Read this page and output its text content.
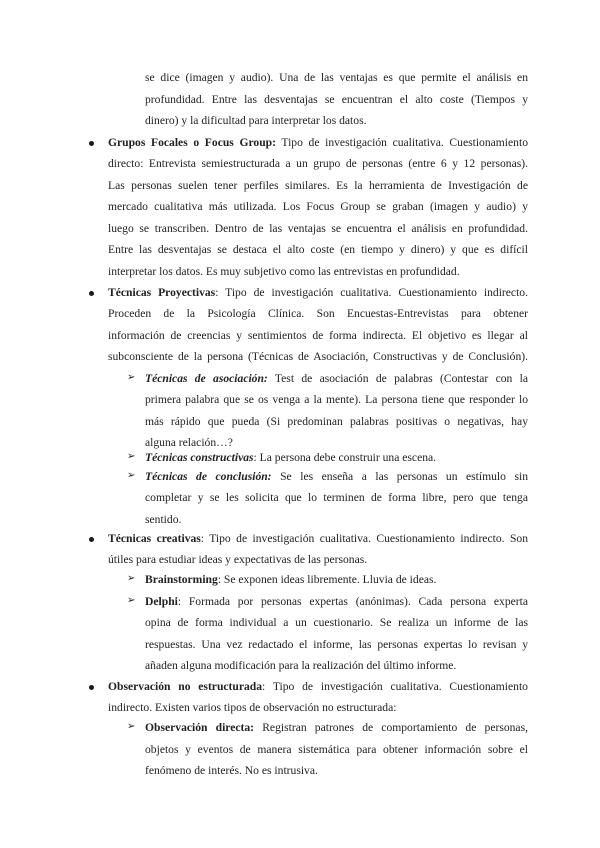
se dice (imagen y audio). Una de las ventajas es que permite el análisis en
profundidad. Entre las desventajas se encuentran el alto coste (Tiempos y
dinero) y la dificultad para interpretar los datos.
Grupos Focales o Focus Group: Tipo de investigación cualitativa. Cuestionamiento
directo: Entrevista semiestructurada a un grupo de personas (entre 6 y 12 personas).
Las personas suelen tener perfiles similares. Es la herramienta de Investigación de
mercado cualitativa más utilizada. Los Focus Group se graban (imagen y audio) y
luego se transcriben. Dentro de las ventajas se encuentra el análisis en profundidad.
Entre las desventajas se destaca el alto coste (en tiempo y dinero) y que es difícil
interpretar los datos. Es muy subjetivo como las entrevistas en profundidad.
Técnicas Proyectivas: Tipo de investigación cualitativa. Cuestionamiento indirecto.
Proceden de la Psicología Clínica. Son Encuestas-Entrevistas para obtener
información de creencias y sentimientos de forma indirecta. El objetivo es llegar al
subconsciente de la persona (Técnicas de Asociación, Constructivas y de Conclusión).
➢ Técnicas de asociación: Test de asociación de palabras (Contestar con la
primera palabra que se os venga a la mente). La persona tiene que responder lo
más rápido que pueda (Si predominan palabras positivas o negativas, hay
alguna relación…?
➢ Técnicas constructivas: La persona debe construir una escena.
➢ Técnicas de conclusión: Se les enseña a las personas un estímulo sin
completar y se les solicita que lo terminen de forma libre, pero que tenga
sentido.
Técnicas creativas: Tipo de investigación cualitativa. Cuestionamiento indirecto. Son
útiles para estudiar ideas y expectativas de las personas.
➢ Brainstorming: Se exponen ideas libremente. Lluvia de ideas.
➢ Delphi: Formada por personas expertas (anónimas). Cada persona experta
opina de forma individual a un cuestionario. Se realiza un informe de las
respuestas. Una vez redactado el informe, las personas expertas lo revisan y
añaden alguna modificación para la realización del último informe.
Observación no estructurada: Tipo de investigación cualitativa. Cuestionamiento
indirecto. Existen varios tipos de observación no estructurada:
➢ Observación directa: Registran patrones de comportamiento de personas,
objetos y eventos de manera sistemática para obtener información sobre el
fenómeno de interés. No es intrusiva.
